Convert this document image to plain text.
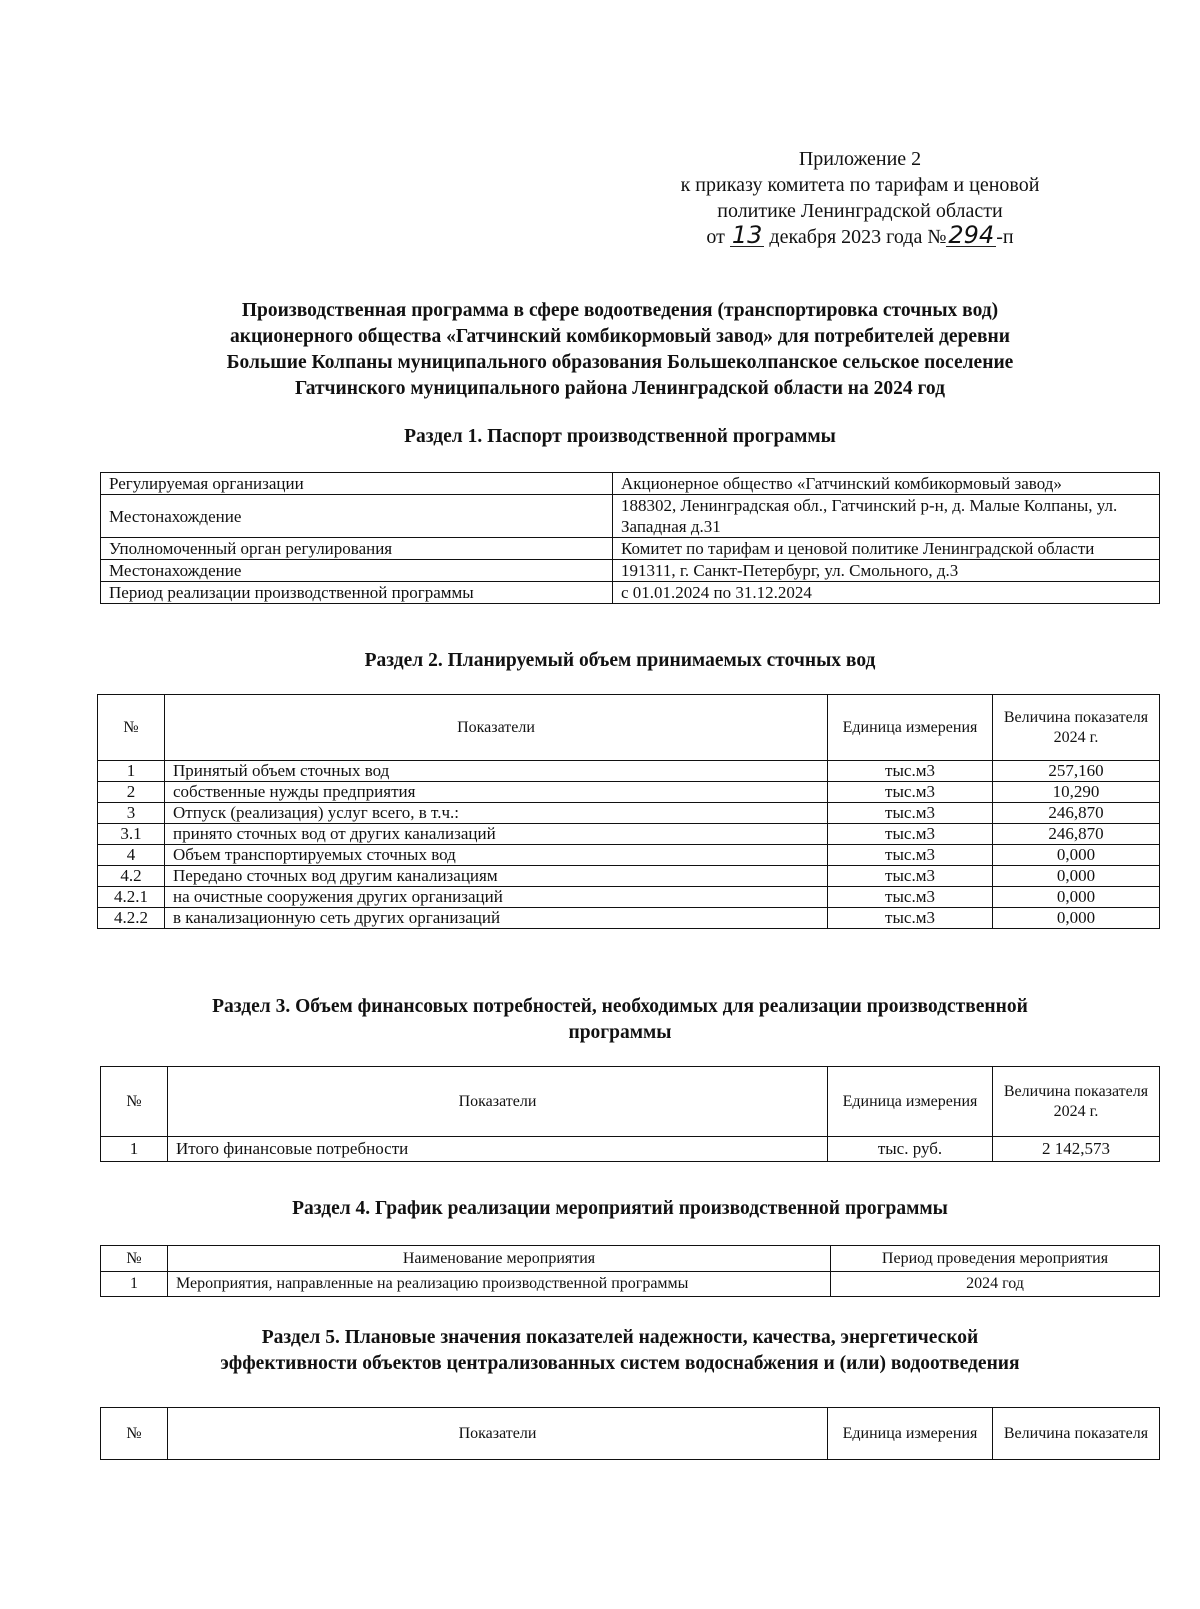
Приложение 2
к приказу комитета по тарифам и ценовой
политике Ленинградской области
от 13 декабря 2023 года №294 -п
Производственная программа в сфере водоотведения (транспортировка сточных вод)
акционерного общества «Гатчинский комбикормовый завод» для потребителей деревни
Большие Колпаны муниципального образования Большеколпанское сельское поселение
Гатчинского муниципального района Ленинградской области на 2024 год
Раздел 1. Паспорт производственной программы
Регулируемая организации	Акционерное общество «Гатчинский комбикормовый завод»
Местонахождение	188302, Ленинградская обл., Гатчинский р-н, д. Малые Колпаны, ул. Западная д.31
Уполномоченный орган регулирования	Комитет по тарифам и ценовой политике Ленинградской области
Местонахождение	191311, г. Санкт-Петербург, ул. Смольного, д.3
Период реализации производственной программы	с 01.01.2024 по 31.12.2024
Раздел 2. Планируемый объем принимаемых сточных вод
№	Показатели	Единица измерения	Величина показателя 2024 г.
1	Принятый объем сточных вод	тыс.м3	257,160
2	собственные нужды предприятия	тыс.м3	10,290
3	Отпуск (реализация) услуг всего, в т.ч.:	тыс.м3	246,870
3.1	принято сточных вод от других канализаций	тыс.м3	246,870
4	Объем транспортируемых сточных вод	тыс.м3	0,000
4.2	Передано сточных вод другим канализациям	тыс.м3	0,000
4.2.1	на очистные сооружения других организаций	тыс.м3	0,000
4.2.2	в канализационную сеть других организаций	тыс.м3	0,000
Раздел 3. Объем финансовых потребностей, необходимых для реализации производственной
программы
№	Показатели	Единица измерения	Величина показателя 2024 г.
1	Итого финансовые потребности	тыс. руб.	2 142,573
Раздел 4. График реализации мероприятий производственной программы
№	Наименование мероприятия	Период проведения мероприятия
1	Мероприятия, направленные на реализацию производственной программы	2024 год
Раздел 5. Плановые значения показателей надежности, качества, энергетической
эффективности объектов централизованных систем водоснабжения и (или) водоотведения
№	Показатели	Единица измерения	Величина показателя
